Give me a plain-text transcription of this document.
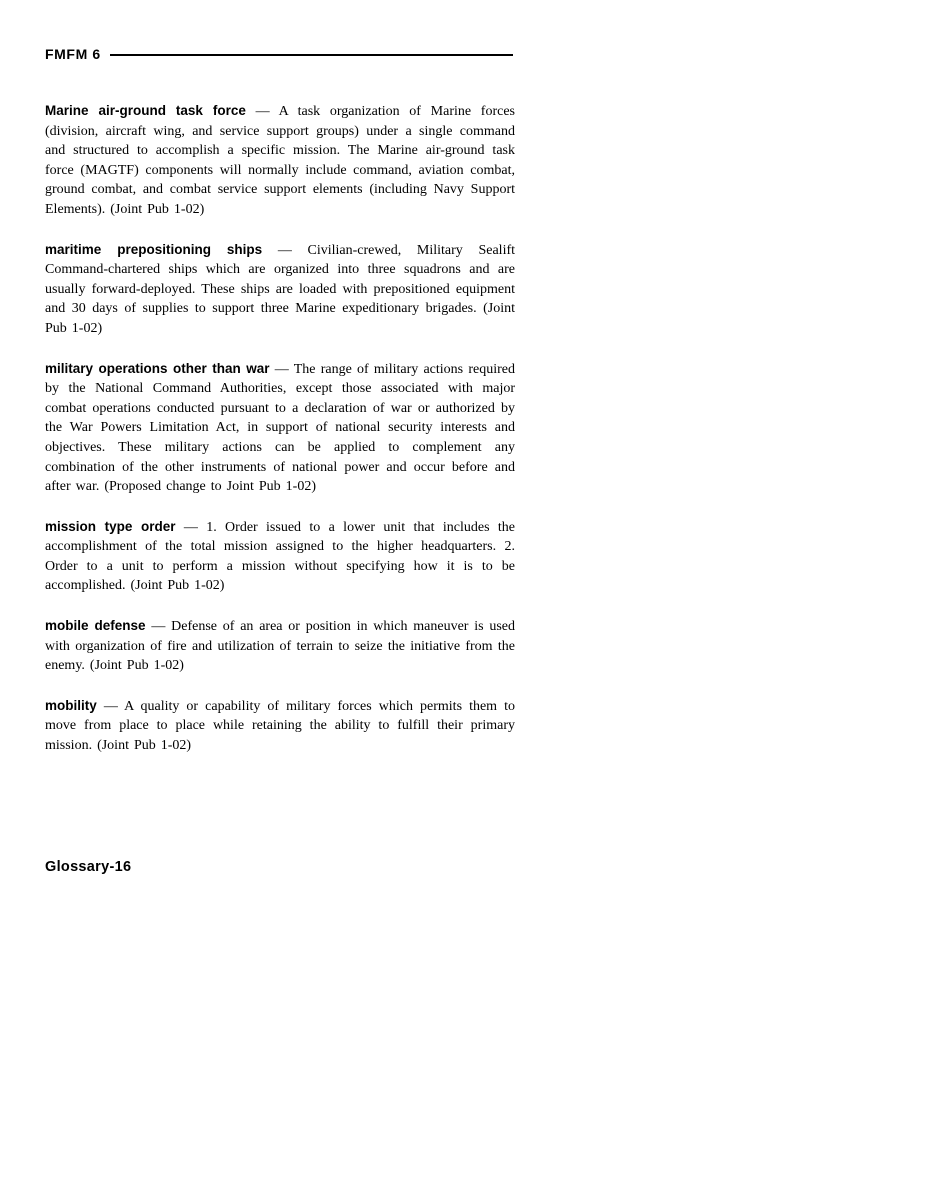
FMFM 6

Marine air-ground task force — A task organization of Marine forces (division, aircraft wing, and service support groups) under a single command and structured to accomplish a specific mission. The Marine air-ground task force (MAGTF) components will normally include command, aviation combat, ground combat, and combat service support elements (including Navy Support Elements). (Joint Pub 1-02)

maritime prepositioning ships — Civilian-crewed, Military Sealift Command-chartered ships which are organized into three squadrons and are usually forward-deployed. These ships are loaded with prepositioned equipment and 30 days of supplies to support three Marine expeditionary brigades. (Joint Pub 1-02)

military operations other than war — The range of military actions required by the National Command Authorities, except those associated with major combat operations conducted pursuant to a declaration of war or authorized by the War Powers Limitation Act, in support of national security interests and objectives. These military actions can be applied to complement any combination of the other instruments of national power and occur before and after war. (Proposed change to Joint Pub 1-02)

mission type order — 1. Order issued to a lower unit that includes the accomplishment of the total mission assigned to the higher headquarters. 2. Order to a unit to perform a mission without specifying how it is to be accomplished. (Joint Pub 1-02)

mobile defense — Defense of an area or position in which maneuver is used with organization of fire and utilization of terrain to seize the initiative from the enemy. (Joint Pub 1-02)

mobility — A quality or capability of military forces which permits them to move from place to place while retaining the ability to fulfill their primary mission. (Joint Pub 1-02)

Glossary-16
